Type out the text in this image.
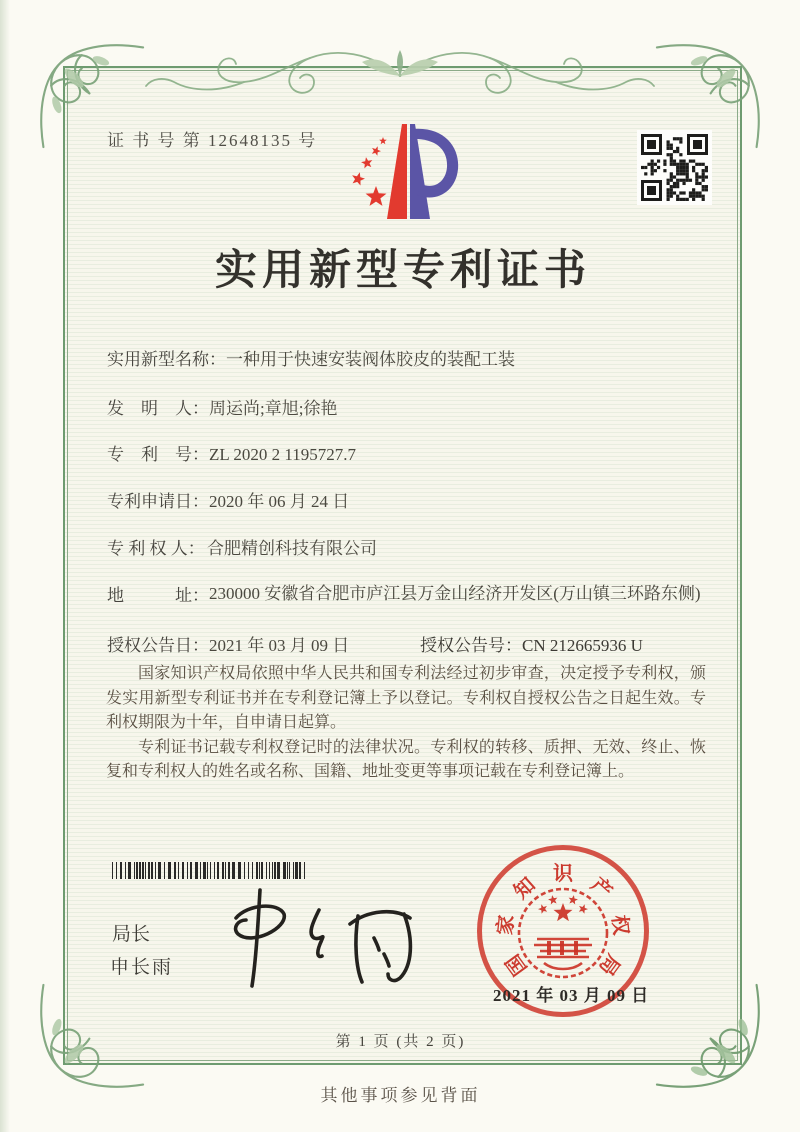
证 书 号 第 12648135 号
实用新型专利证书
实用新型名称：一种用于快速安装阀体胶皮的装配工装
发　明　人：周运尚;章旭;徐艳
专　利　号：ZL 2020 2 1195727.7
专利申请日：2020 年 06 月 24 日
专 利 权 人： 合肥精创科技有限公司
地　　　址：230000 安徽省合肥市庐江县万金山经济开发区(万山镇三环路东侧)
授权公告日：2021 年 03 月 09 日	授权公告号：CN 212665936 U

国家知识产权局依照中华人民共和国专利法经过初步审查，决定授予专利权，颁发实用新型专利证书并在专利登记簿上予以登记。专利权自授权公告之日起生效。专利权期限为十年，自申请日起算。

专利证书记载专利权登记时的法律状况。专利权的转移、质押、无效、终止、恢复和专利权人的姓名或名称、国籍、地址变更等事项记载在专利登记簿上。

局长
申长雨	国
家
知 识 产
权
局
2021 年 03 月 09 日
第 1 页 (共 2 页)
其他事项参见背面
